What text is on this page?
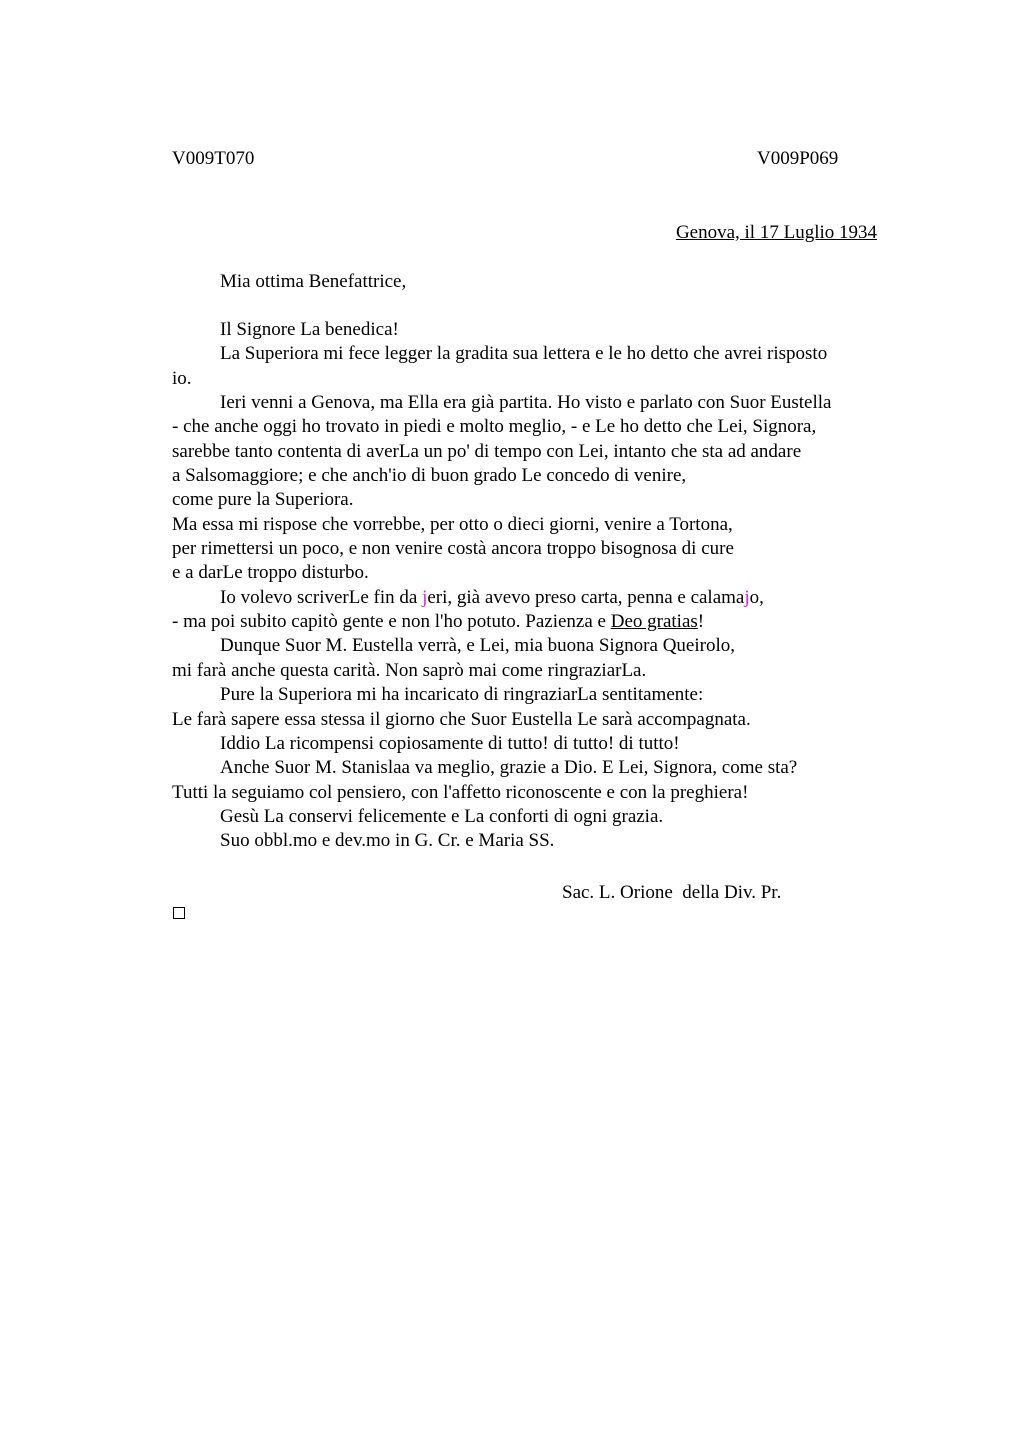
V009T070	V009P069
Genova, il 17 Luglio 1934
Mia ottima Benefattrice,
Il Signore La benedica!
La Superiora mi fece legger la gradita sua lettera e le ho detto che avrei risposto
io.
Ieri venni a Genova, ma Ella era già partita. Ho visto e parlato con Suor Eustella
- che anche oggi ho trovato in piedi e molto meglio, - e Le ho detto che Lei, Signora,
sarebbe tanto contenta di averLa un po' di tempo con Lei, intanto che sta ad andare
a Salsomaggiore; e che anch'io di buon grado Le concedo di venire,
come pure la Superiora.
Ma essa mi rispose che vorrebbe, per otto o dieci giorni, venire a Tortona,
per rimettersi un poco, e non venire costà ancora troppo bisognosa di cure
e a darLe troppo disturbo.
Io volevo scriverLe fin da jeri, già avevo preso carta, penna e calamajo,
- ma poi subito capitò gente e non l'ho potuto. Pazienza e Deo gratias!
Dunque Suor M. Eustella verrà, e Lei, mia buona Signora Queirolo,
mi farà anche questa carità. Non saprò mai come ringraziarLa.
Pure la Superiora mi ha incaricato di ringraziarLa sentitamente:
Le farà sapere essa stessa il giorno che Suor Eustella Le sarà accompagnata.
Iddio La ricompensi copiosamente di tutto! di tutto! di tutto!
Anche Suor M. Stanislaa va meglio, grazie a Dio. E Lei, Signora, come sta?
Tutti la seguiamo col pensiero, con l'affetto riconoscente e con la preghiera!
Gesù La conservi felicemente e La conforti di ogni grazia.
Suo obbl.mo e dev.mo in G. Cr. e Maria SS.
Sac. L. Orione  della Div. Pr.
